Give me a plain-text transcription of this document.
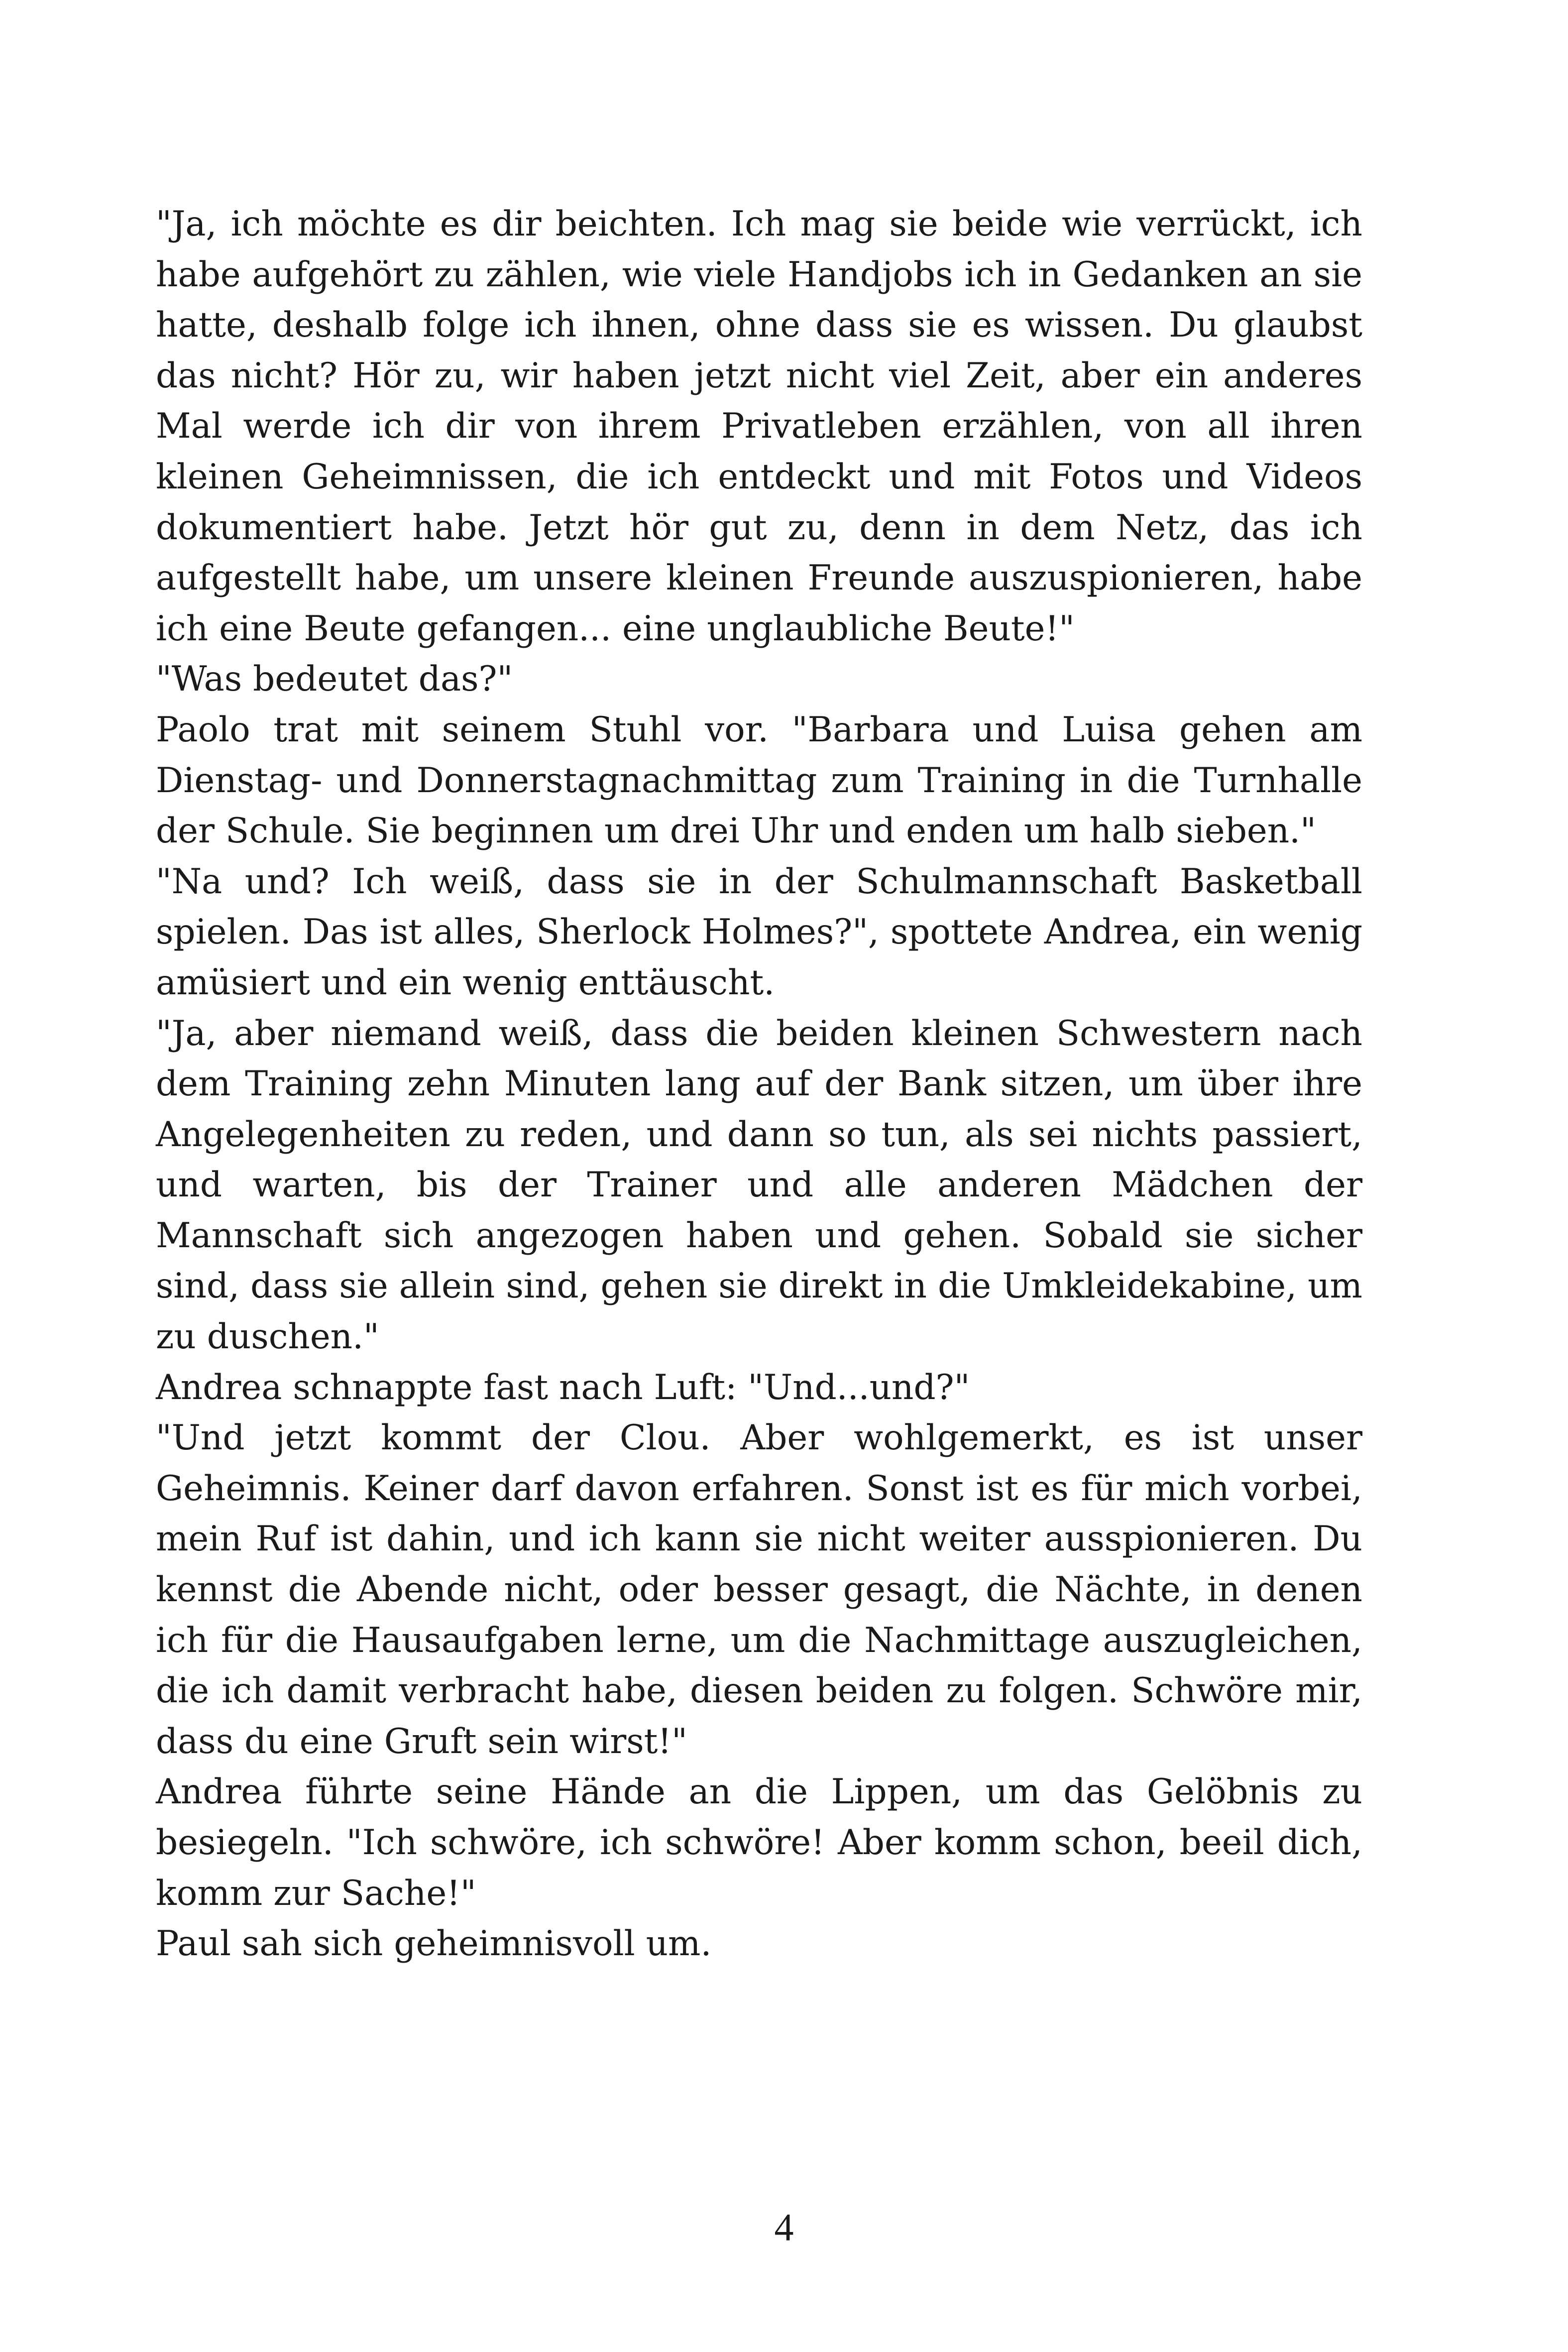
"Ja, ich möchte es dir beichten. Ich mag sie beide wie verrückt, ich habe aufgehört zu zählen, wie viele Handjobs ich in Gedanken an sie hatte, deshalb folge ich ihnen, ohne dass sie es wissen. Du glaubst das nicht? Hör zu, wir haben jetzt nicht viel Zeit, aber ein anderes Mal werde ich dir von ihrem Privatleben erzählen, von all ihren kleinen Geheimnissen, die ich entdeckt und mit Fotos und Videos dokumentiert habe. Jetzt hör gut zu, denn in dem Netz, das ich aufgestellt habe, um unsere kleinen Freunde auszuspionieren, habe ich eine Beute gefangen... eine unglaubliche Beute!"

"Was bedeutet das?"

Paolo trat mit seinem Stuhl vor. "Barbara und Luisa gehen am Dienstag- und Donnerstagnachmittag zum Training in die Turnhalle der Schule. Sie beginnen um drei Uhr und enden um halb sieben."

"Na und? Ich weiß, dass sie in der Schulmannschaft Basketball spielen. Das ist alles, Sherlock Holmes?", spottete Andrea, ein wenig amüsiert und ein wenig enttäuscht.

"Ja, aber niemand weiß, dass die beiden kleinen Schwestern nach dem Training zehn Minuten lang auf der Bank sitzen, um über ihre Angelegenheiten zu reden, und dann so tun, als sei nichts passiert, und warten, bis der Trainer und alle anderen Mädchen der Mannschaft sich angezogen haben und gehen. Sobald sie sicher sind, dass sie allein sind, gehen sie direkt in die Umkleidekabine, um zu duschen."

Andrea schnappte fast nach Luft: "Und...und?"

"Und jetzt kommt der Clou. Aber wohlgemerkt, es ist unser Geheimnis. Keiner darf davon erfahren. Sonst ist es für mich vorbei, mein Ruf ist dahin, und ich kann sie nicht weiter ausspionieren. Du kennst die Abende nicht, oder besser gesagt, die Nächte, in denen ich für die Hausaufgaben lerne, um die Nachmittage auszugleichen, die ich damit verbracht habe, diesen beiden zu folgen. Schwöre mir, dass du eine Gruft sein wirst!"

Andrea führte seine Hände an die Lippen, um das Gelöbnis zu besiegeln. "Ich schwöre, ich schwöre! Aber komm schon, beeil dich, komm zur Sache!"

Paul sah sich geheimnisvoll um.

4
